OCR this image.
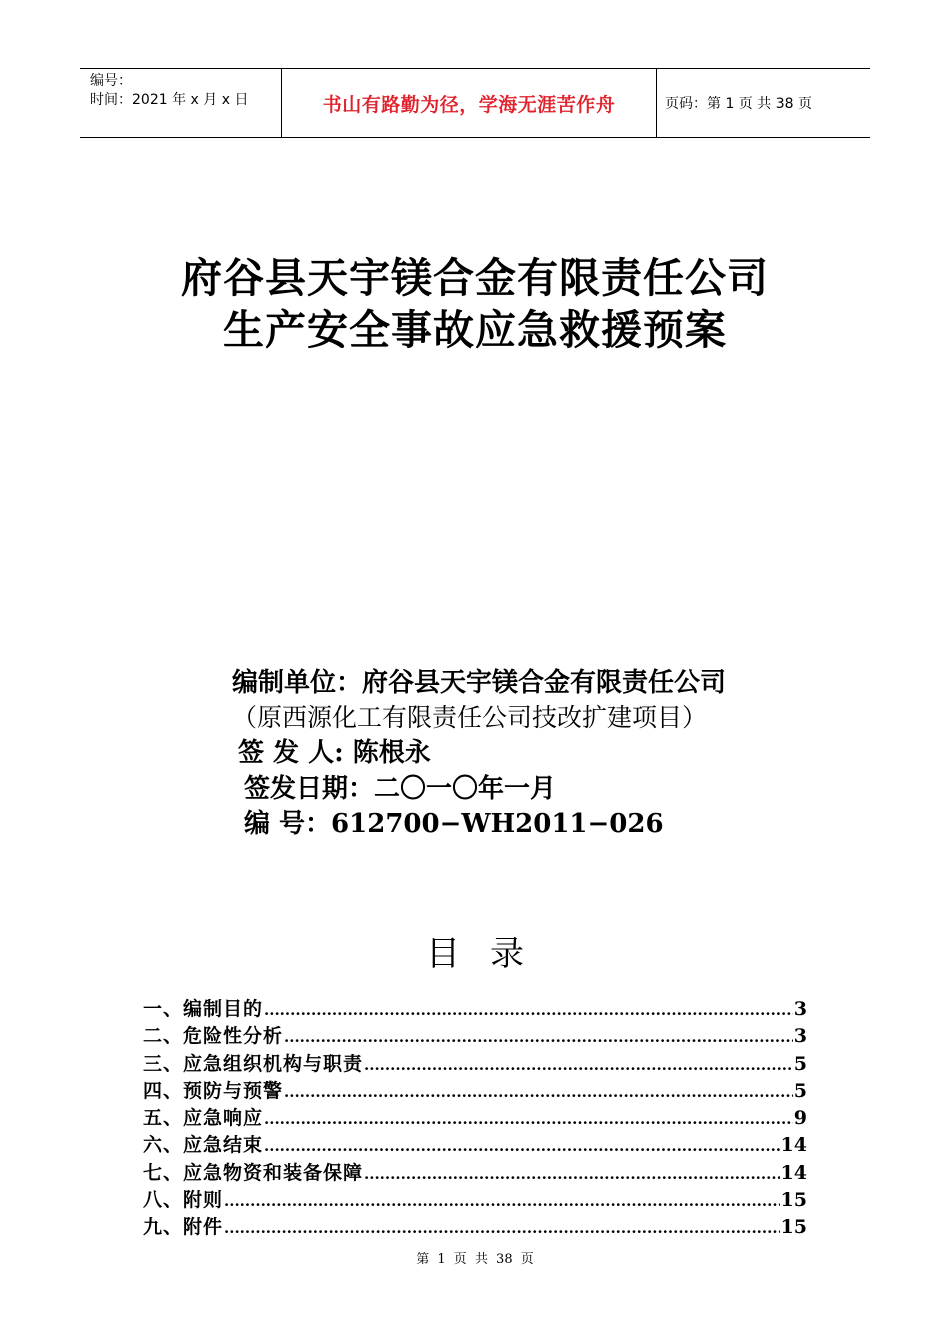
编号：
时间：2021 年 x 月 x 日	书山有路勤为径，学海无涯苦作舟	页码：第 1 页 共 38 页
府谷县天宇镁合金有限责任公司
生产安全事故应急救援预案
编制单位：府谷县天宇镁合金有限责任公司
（原西源化工有限责任公司技改扩建项目）
签 发 人: 陈根永
签发日期：二〇一〇年一月
编 号：612700−WH2011−026
目录
一、编制目的 .....	3
二、危险性分析 .....	3
三、应急组织机构与职责 .....	5
四、预防与预警 .....	5
五、应急响应 .....	9
六、应急结束 .....	14
七、应急物资和装备保障 .....	14
八、附则 .....	15
九、附件 .....	15
第 1 页 共 38 页
